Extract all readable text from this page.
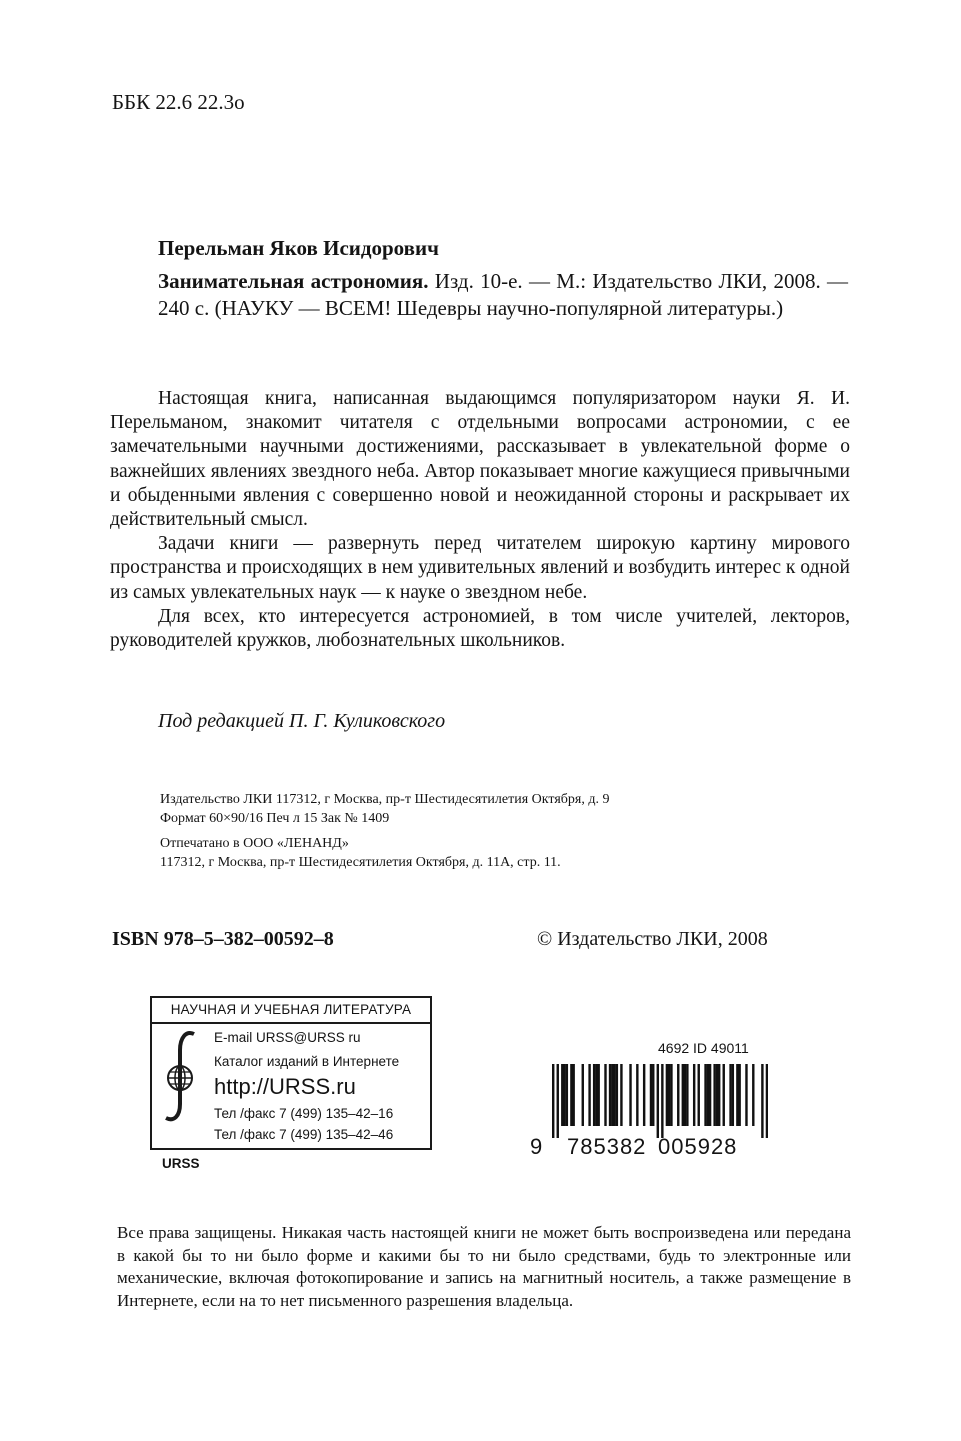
ББК 22.6 22.3о
Перельман Яков Исидорович
Занимательная астрономия. Изд. 10-е. — М.: Издательство ЛКИ, 2008. — 240 с. (НАУКУ — ВСЕМ! Шедевры научно-популярной литературы.)

Настоящая книга, написанная выдающимся популяризатором науки Я. И. Перельманом, знакомит читателя с отдельными вопросами астрономии, с ее замечательными научными достижениями, рассказывает в увлекательной форме о важнейших явлениях звездного неба. Автор показывает многие кажущиеся привычными и обыденными явления с совершенно новой и неожиданной стороны и раскрывает их действительный смысл.

Задачи книги — развернуть перед читателем широкую картину мирового пространства и происходящих в нем удивительных явлений и возбудить интерес к одной из самых увлекательных наук — к науке о звездном небе.

Для всех, кто интересуется астрономией, в том числе учителей, лекторов, руководителей кружков, любознательных школьников.

Под редакцией П. Г. Куликовского
Издательство ЛКИ 117312, г Москва, пр-т Шестидесятилетия Октября, д. 9
Формат 60×90/16 Печ л 15 Зак № 1409
Отпечатано в ООО «ЛЕНАНД»
117312, г Москва, пр-т Шестидесятилетия Октября, д. 11А, стр. 11.
ISBN 978–5–382–00592–8	© Издательство ЛКИ, 2008
НАУЧНАЯ И УЧЕБНАЯ ЛИТЕРАТУРА
URSS
E-mail URSS@URSS ru
Каталог изданий в Интернете
http://URSS.ru
Тел /факс 7 (499) 135–42–16
Тел /факс 7 (499) 135–42–46
4692 ID 49011
9 785382 005928
Все права защищены. Никакая часть настоящей книги не может быть воспроизведена или передана в какой бы то ни было форме и какими бы то ни было средствами, будь то электронные или механические, включая фотокопирование и запись на магнитный носитель, а также размещение в Интернете, если на то нет письменного разрешения владельца.
